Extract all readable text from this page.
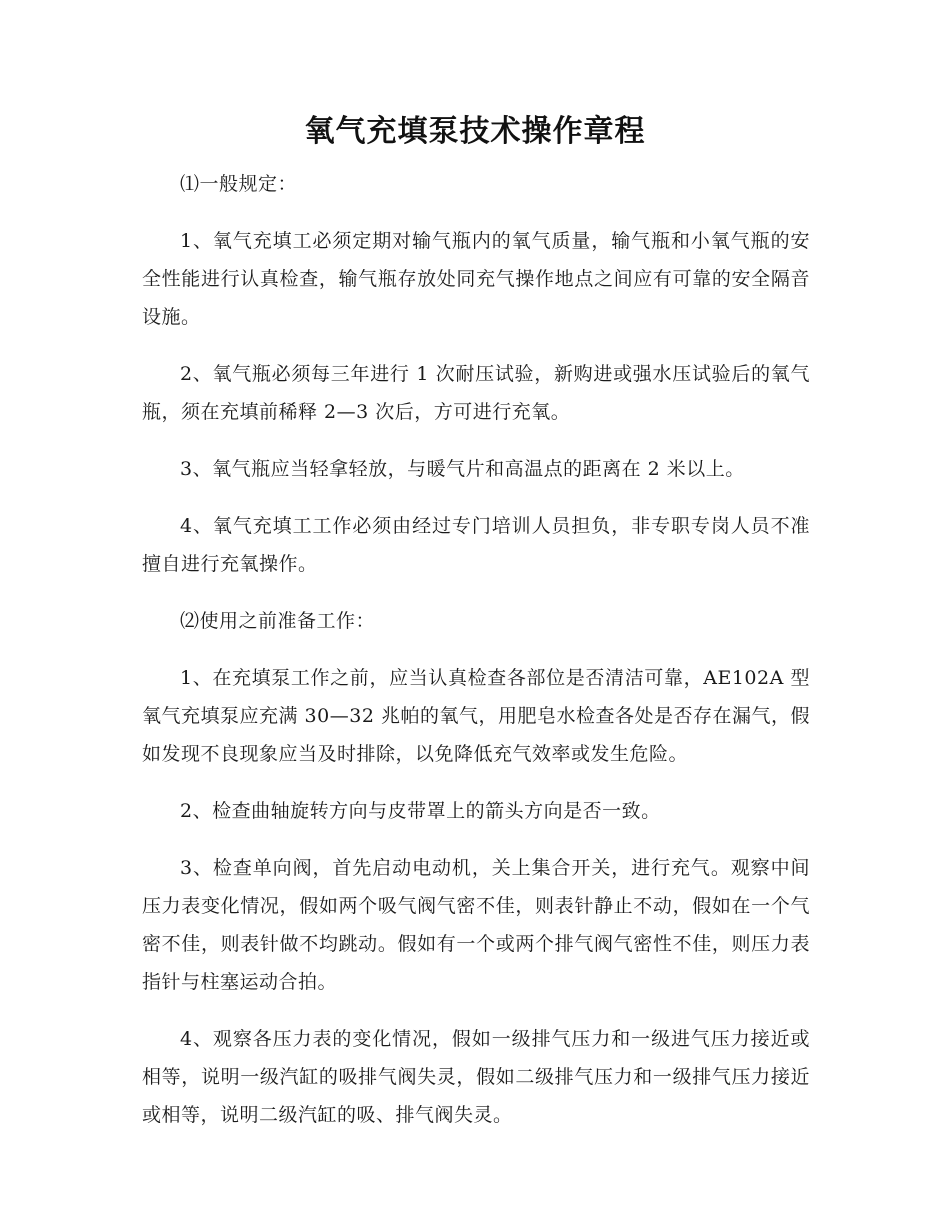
氧气充填泵技术操作章程
⑴一般规定：

1、氧气充填工必须定期对输气瓶内的氧气质量，输气瓶和小氧气瓶的安全性能进行认真检查，输气瓶存放处同充气操作地点之间应有可靠的安全隔音设施。

2、氧气瓶必须每三年进行 1 次耐压试验，新购进或强水压试验后的氧气瓶，须在充填前稀释 2—3 次后，方可进行充氧。

3、氧气瓶应当轻拿轻放，与暖气片和高温点的距离在 2 米以上。

4、氧气充填工工作必须由经过专门培训人员担负，非专职专岗人员不准擅自进行充氧操作。

⑵使用之前准备工作：

1、在充填泵工作之前，应当认真检查各部位是否清洁可靠，AE102A 型氧气充填泵应充满 30—32 兆帕的氧气，用肥皂水检查各处是否存在漏气，假如发现不良现象应当及时排除，以免降低充气效率或发生危险。

2、检查曲轴旋转方向与皮带罩上的箭头方向是否一致。

3、检查单向阀，首先启动电动机，关上集合开关，进行充气。观察中间压力表变化情况，假如两个吸气阀气密不佳，则表针静止不动，假如在一个气密不佳，则表针做不均跳动。假如有一个或两个排气阀气密性不佳，则压力表指针与柱塞运动合拍。

4、观察各压力表的变化情况，假如一级排气压力和一级进气压力接近或相等，说明一级汽缸的吸排气阀失灵，假如二级排气压力和一级排气压力接近或相等，说明二级汽缸的吸、排气阀失灵。
